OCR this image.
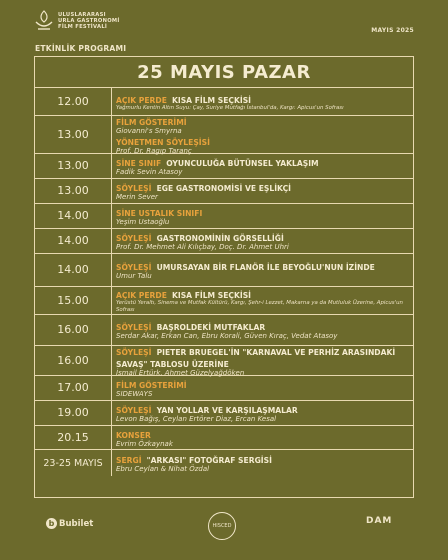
ULUSLARARASI
URLA GASTRONOMİ
FİLM FESTİVALİ
ETKİNLİK PROGRAMI
MAYIS 2025
25 MAYIS PAZAR
12.00	AÇIK PERDE KISA FİLM SEÇKİSİ
Yağmurlu Kentin Altın Suyu: Çay, Suriye Mutfağı İstanbul'da, Kargı: Apicus'un Sofrası
13.00
FİLM GÖSTERİMİ
Giovanni's Smyrna
YÖNETMEN SÖYLEŞİSİ
Prof. Dr. Ragıp Taranç
13.00	SİNE SINIF OYUNCULUĞA BÜTÜNSEL YAKLAŞIM
Fadik Sevin Atasoy
13.00	SÖYLEŞİ EGE GASTRONOMİSİ VE EŞLİKÇİ
Merin Sever
14.00	SİNE USTALIK SINIFI
Yeşim Ustaoğlu
14.00	SÖYLEŞİ GASTRONOMİNİN GÖRSELLİĞİ
Prof. Dr. Mehmet Ali Kılıçbay, Doç. Dr. Ahmet Uhri
14.00	SÖYLEŞİ UMURSAYAN BİR FLANÖR İLE BEYOĞLU'NUN İZİNDE
Umur Talu
15.00	AÇIK PERDE KISA FİLM SEÇKİSİ
Yerüstü Yeraltı, Sinema ve Mutfak Kültürü, Kargı, Şehr-i Lezzet, Makarna ya da Mutluluk Üzerine, Apicus'un Sofrası
16.00	SÖYLEŞİ BAŞROLDEKİ MUTFAKLAR
Serdar Akar, Erkan Can, Ebru Korali, Güven Kıraç, Vedat Atasoy
16.00
SÖYLEŞİ PIETER BRUEGEL'İN "KARNAVAL VE PERHİZ ARASINDAKİ SAVAŞ" TABLOSU ÜZERİNE
İsmail Ertürk, Ahmet Güzelyağdöken
17.00	FİLM GÖSTERİMİ
SIDEWAYS
19.00	SÖYLEŞİ YAN YOLLAR VE KARŞILAŞMALAR
Levon Bağış, Ceylan Ertörer Diaz, Ercan Kesal
20.15	KONSER
Evrim Özkaynak
23-25 MAYIS	SERGİ "ARKASI" FOTOĞRAF SERGİSİ
Ebru Ceylan & Nihat Özdal
b Bubilet	HISCED	DAM
